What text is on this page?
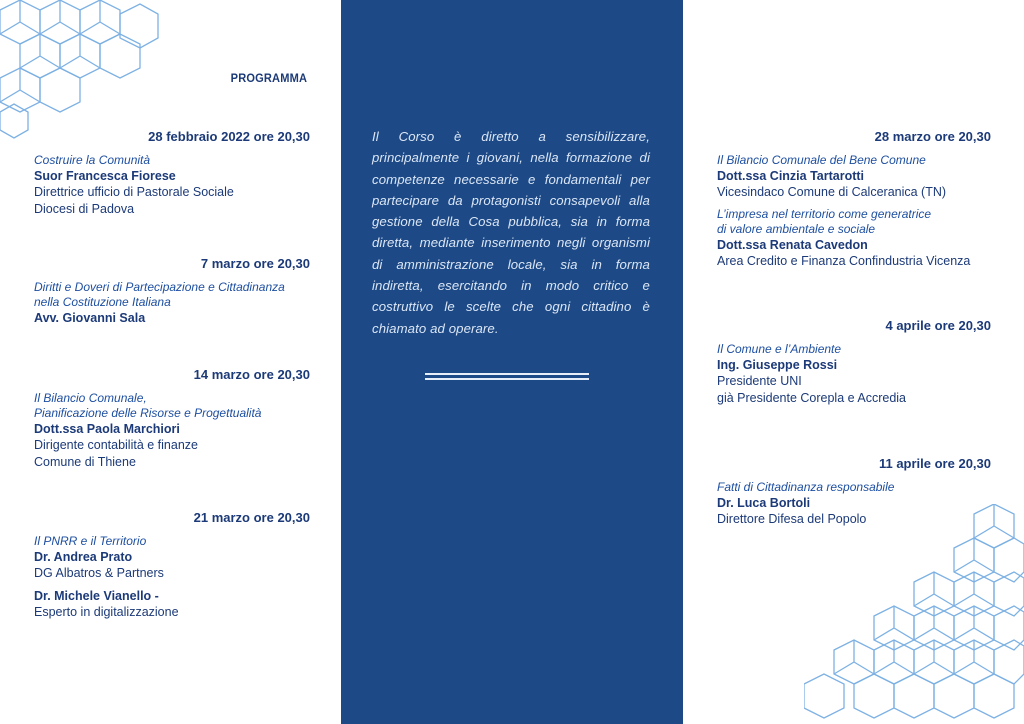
PROGRAMMA
28 febbraio 2022 ore 20,30
Costruire la Comunità
Suor Francesca Fiorese
Direttrice ufficio di Pastorale Sociale
Diocesi di Padova
7 marzo ore 20,30
Diritti e Doveri di Partecipazione e Cittadinanza
nella Costituzione Italiana
Avv. Giovanni Sala
14 marzo ore 20,30
Il Bilancio Comunale,
Pianificazione delle Risorse e Progettualità
Dott.ssa Paola Marchiori
Dirigente contabilità e finanze
Comune di Thiene
21 marzo ore 20,30
Il PNRR e il Territorio
Dr. Andrea Prato
DG Albatros & Partners
Dr. Michele Vianello -
Esperto in digitalizzazione
Il Corso è diretto a sensibilizzare, principalmente i giovani, nella formazione di competenze necessarie e fondamentali per partecipare da protagonisti consapevoli alla gestione della Cosa pubblica, sia in forma diretta, mediante inserimento negli organismi di amministrazione locale, sia in forma indiretta, esercitando in modo critico e costruttivo le scelte che ogni cittadino è chiamato ad operare.
28 marzo ore 20,30
Il Bilancio Comunale del Bene Comune
Dott.ssa Cinzia Tartarotti
Vicesindaco Comune di Calceranica (TN)
L’impresa nel territorio come generatrice
di valore ambientale e sociale
Dott.ssa Renata Cavedon
Area Credito e Finanza Confindustria Vicenza
4 aprile ore 20,30
Il Comune e l’Ambiente
Ing. Giuseppe Rossi
Presidente UNI
già Presidente Corepla e Accredia
11 aprile ore 20,30
Fatti di Cittadinanza responsabile
Dr. Luca Bortoli
Direttore Difesa del Popolo
